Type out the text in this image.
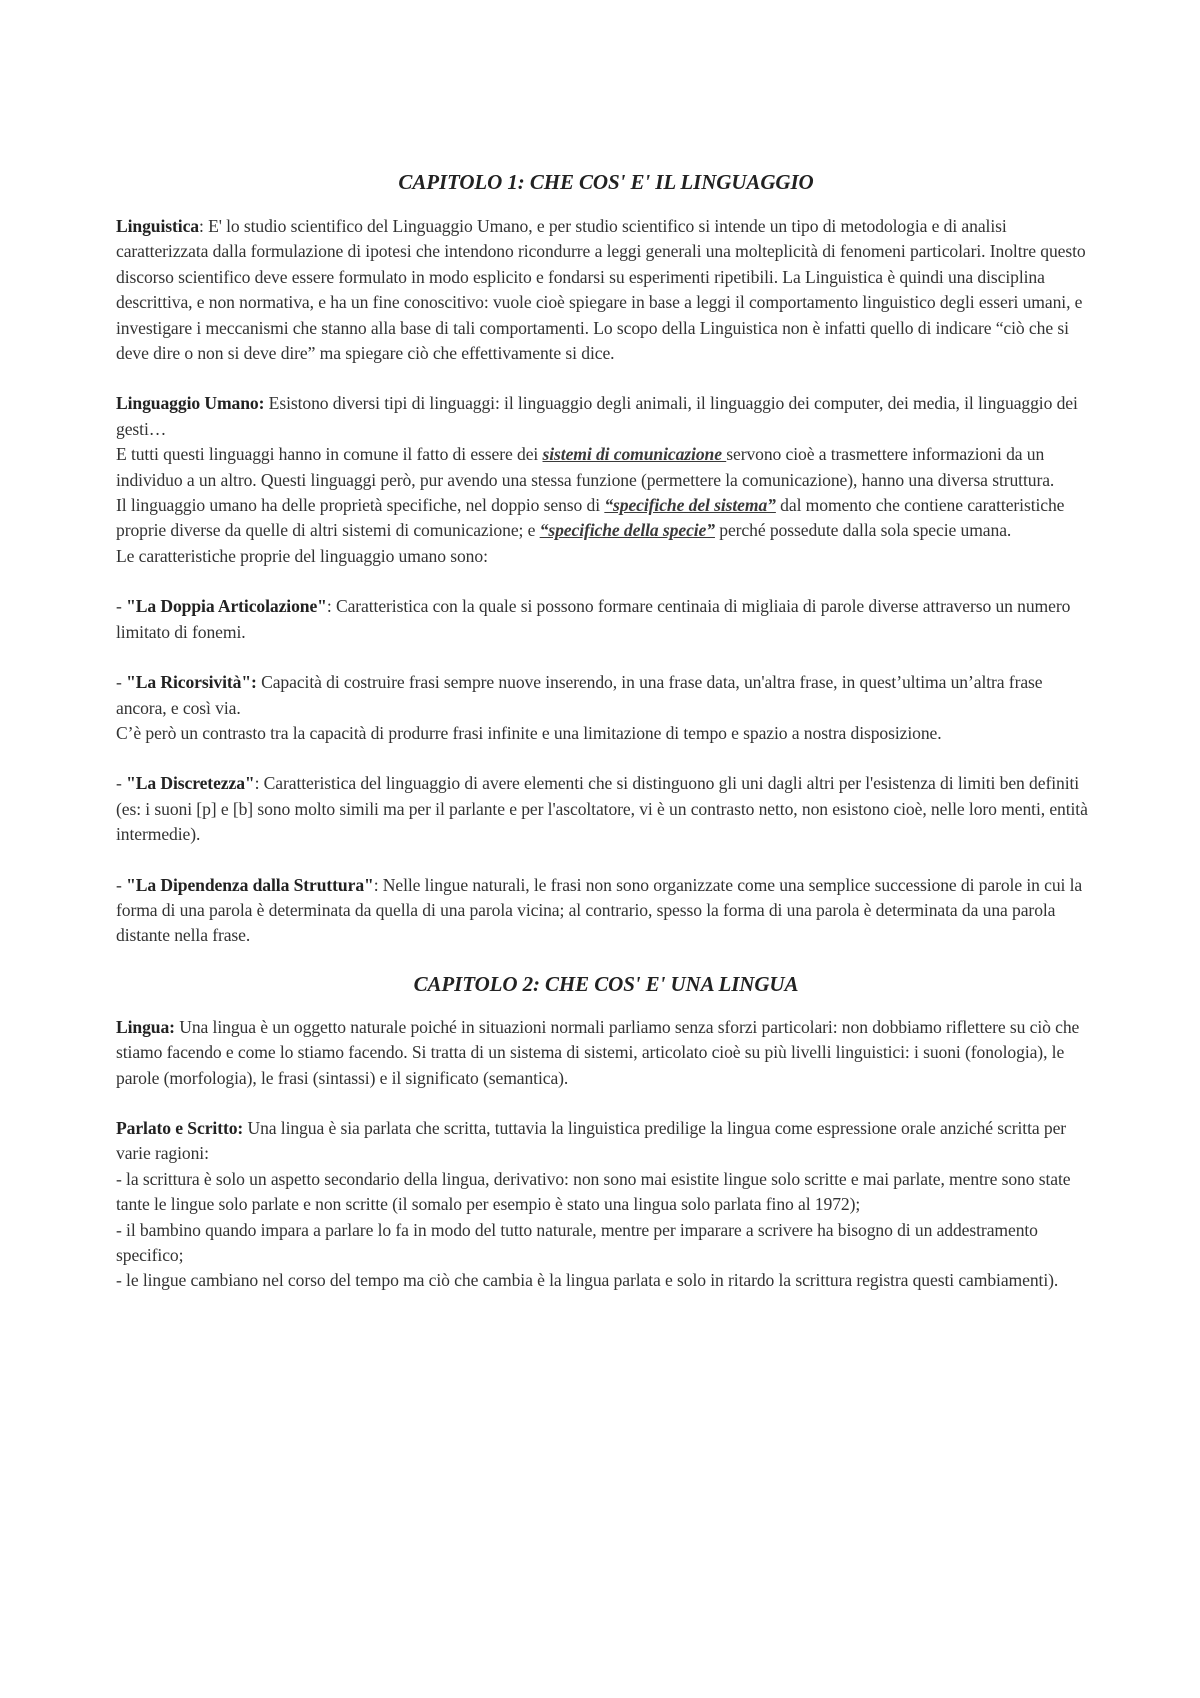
CAPITOLO 1: CHE COS' E' IL LINGUAGGIO

Linguistica: E' lo studio scientifico del Linguaggio Umano, e per studio scientifico si intende un tipo di metodologia e di analisi caratterizzata dalla formulazione di ipotesi che intendono ricondurre a leggi generali una molteplicità di fenomeni particolari. Inoltre questo discorso scientifico deve essere formulato in modo esplicito e fondarsi su esperimenti ripetibili. La Linguistica è quindi una disciplina descrittiva, e non normativa, e ha un fine conoscitivo: vuole cioè spiegare in base a leggi il comportamento linguistico degli esseri umani, e investigare i meccanismi che stanno alla base di tali comportamenti. Lo scopo della Linguistica non è infatti quello di indicare “ciò che si deve dire o non si deve dire” ma spiegare ciò che effettivamente si dice.

Linguaggio Umano: Esistono diversi tipi di linguaggi: il linguaggio degli animali, il linguaggio dei computer, dei media, il linguaggio dei gesti…

E tutti questi linguaggi hanno in comune il fatto di essere dei sistemi di comunicazione servono cioè a trasmettere informazioni da un individuo a un altro. Questi linguaggi però, pur avendo una stessa funzione (permettere la comunicazione), hanno una diversa struttura.

Il linguaggio umano ha delle proprietà specifiche, nel doppio senso di “specifiche del sistema” dal momento che contiene caratteristiche proprie diverse da quelle di altri sistemi di comunicazione; e “specifiche della specie” perché possedute dalla sola specie umana.

Le caratteristiche proprie del linguaggio umano sono:

- "La Doppia Articolazione": Caratteristica con la quale si possono formare centinaia di migliaia di parole diverse attraverso un numero limitato di fonemi.

- "La Ricorsività": Capacità di costruire frasi sempre nuove inserendo, in una frase data, un'altra frase, in quest’ultima un’altra frase ancora, e così via.

C’è però un contrasto tra la capacità di produrre frasi infinite e una limitazione di tempo e spazio a nostra disposizione.

- "La Discretezza": Caratteristica del linguaggio di avere elementi che si distinguono gli uni dagli altri per l'esistenza di limiti ben definiti (es: i suoni [p] e [b] sono molto simili ma per il parlante e per l'ascoltatore, vi è un contrasto netto, non esistono cioè, nelle loro menti, entità intermedie).

- "La Dipendenza dalla Struttura": Nelle lingue naturali, le frasi non sono organizzate come una semplice successione di parole in cui la forma di una parola è determinata da quella di una parola vicina; al contrario, spesso la forma di una parola è determinata da una parola distante nella frase.

CAPITOLO 2: CHE COS' E' UNA LINGUA

Lingua: Una lingua è un oggetto naturale poiché in situazioni normali parliamo senza sforzi particolari: non dobbiamo riflettere su ciò che stiamo facendo e come lo stiamo facendo. Si tratta di un sistema di sistemi, articolato cioè su più livelli linguistici: i suoni (fonologia), le parole (morfologia), le frasi (sintassi) e il significato (semantica).

Parlato e Scritto: Una lingua è sia parlata che scritta, tuttavia la linguistica predilige la lingua come espressione orale anziché scritta per varie ragioni:

- la scrittura è solo un aspetto secondario della lingua, derivativo: non sono mai esistite lingue solo scritte e mai parlate, mentre sono state tante le lingue solo parlate e non scritte (il somalo per esempio è stato una lingua solo parlata fino al 1972);

- il bambino quando impara a parlare lo fa in modo del tutto naturale, mentre per imparare a scrivere ha bisogno di un addestramento specifico;

- le lingue cambiano nel corso del tempo ma ciò che cambia è la lingua parlata e solo in ritardo la scrittura registra questi cambiamenti).
